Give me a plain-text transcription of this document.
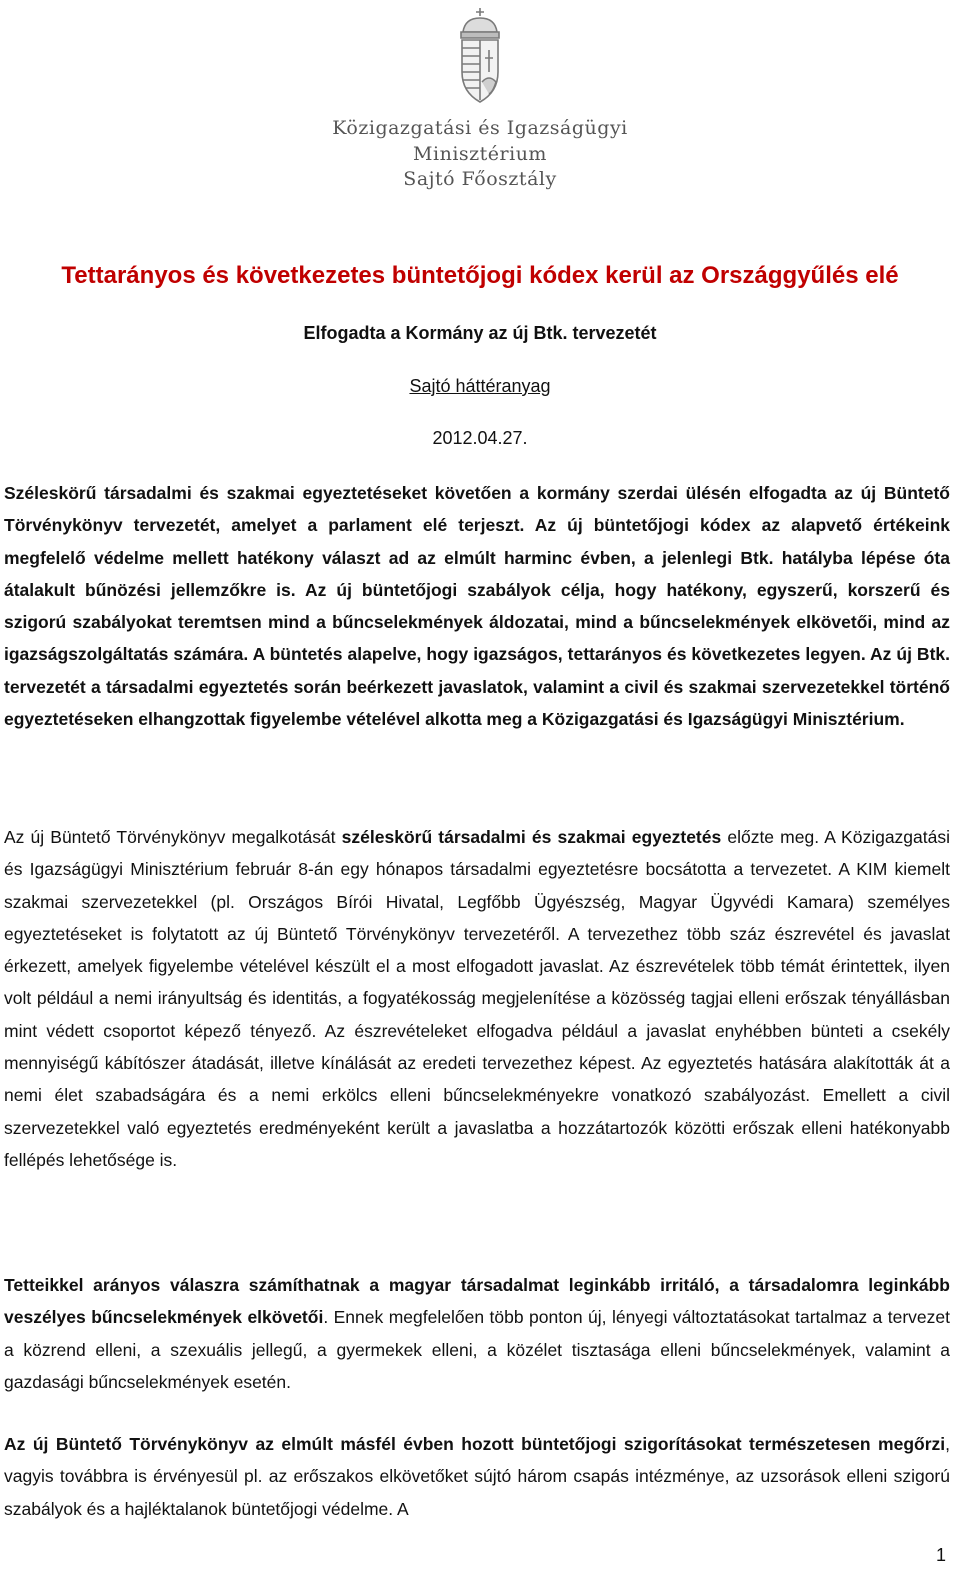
Közigazgatási és Igazságügyi
Minisztérium
Sajtó Főosztály
Tettarányos és következetes büntetőjogi kódex kerül az Országgyűlés elé
Elfogadta a Kormány az új Btk. tervezetét
Sajtó háttéranyag
2012.04.27.

Széleskörű társadalmi és szakmai egyeztetéseket követően a kormány szerdai ülésén elfogadta az új Büntető Törvénykönyv tervezetét, amelyet a parlament elé terjeszt. Az új büntetőjogi kódex az alapvető értékeink megfelelő védelme mellett hatékony választ ad az elmúlt harminc évben, a jelenlegi Btk. hatályba lépése óta átalakult bűnözési jellemzőkre is. Az új büntetőjogi szabályok célja, hogy hatékony, egyszerű, korszerű és szigorú szabályokat teremtsen mind a bűncselekmények áldozatai, mind a bűncselekmények elkövetői, mind az igazságszolgáltatás számára. A büntetés alapelve, hogy igazságos, tettarányos és következetes legyen. Az új Btk. tervezetét a társadalmi egyeztetés során beérkezett javaslatok, valamint a civil és szakmai szervezetekkel történő egyeztetéseken elhangzottak figyelembe vételével alkotta meg a Közigazgatási és Igazságügyi Minisztérium.

Az új Büntető Törvénykönyv megalkotását széleskörű társadalmi és szakmai egyeztetés előzte meg. A Közigazgatási és Igazságügyi Minisztérium február 8-án egy hónapos társadalmi egyeztetésre bocsátotta a tervezetet. A KIM kiemelt szakmai szervezetekkel (pl. Országos Bírói Hivatal, Legfőbb Ügyészség, Magyar Ügyvédi Kamara) személyes egyeztetéseket is folytatott az új Büntető Törvénykönyv tervezetéről. A tervezethez több száz észrevétel és javaslat érkezett, amelyek figyelembe vételével készült el a most elfogadott javaslat. Az észrevételek több témát érintettek, ilyen volt például a nemi irányultság és identitás, a fogyatékosság megjelenítése a közösség tagjai elleni erőszak tényállásban mint védett csoportot képező tényező. Az észrevételeket elfogadva például a javaslat enyhébben bünteti a csekély mennyiségű kábítószer átadását, illetve kínálását az eredeti tervezethez képest. Az egyeztetés hatására alakították át a nemi élet szabadságára és a nemi erkölcs elleni bűncselekményekre vonatkozó szabályozást. Emellett a civil szervezetekkel való egyeztetés eredményeként került a javaslatba a hozzátartozók közötti erőszak elleni hatékonyabb fellépés lehetősége is.

Tetteikkel arányos válaszra számíthatnak a magyar társadalmat leginkább irritáló, a társadalomra leginkább veszélyes bűncselekmények elkövetői. Ennek megfelelően több ponton új, lényegi változtatásokat tartalmaz a tervezet a közrend elleni, a szexuális jellegű, a gyermekek elleni, a közélet tisztasága elleni bűncselekmények, valamint a gazdasági bűncselekmények esetén.

Az új Büntető Törvénykönyv az elmúlt másfél évben hozott büntetőjogi szigorításokat természetesen megőrzi, vagyis továbbra is érvényesül pl. az erőszakos elkövetőket sújtó három csapás intézménye, az uzsorások elleni szigorú szabályok és a hajléktalanok büntetőjogi védelme. A

1
